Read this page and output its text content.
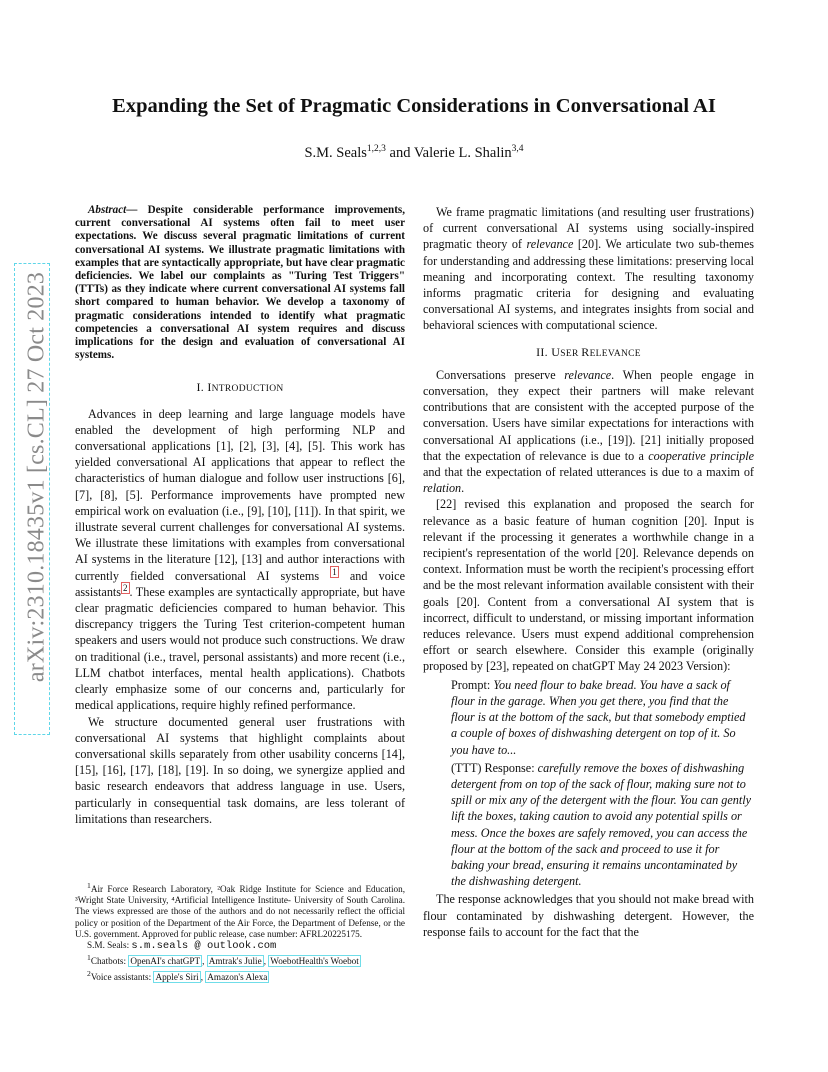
arXiv:2310.18435v1 [cs.CL] 27 Oct 2023
Expanding the Set of Pragmatic Considerations in Conversational AI
S.M. Seals$^{1,2,3}$ and Valerie L. Shalin$^{3,4}$

Abstract— Despite considerable performance improvements, current conversational AI systems often fail to meet user expectations. We discuss several pragmatic limitations of current conversational AI systems. We illustrate pragmatic limitations with examples that are syntactically appropriate, but have clear pragmatic deficiencies. We label our complaints as "Turing Test Triggers" (TTTs) as they indicate where current conversational AI systems fall short compared to human behavior. We develop a taxonomy of pragmatic considerations intended to identify what pragmatic competencies a conversational AI system requires and discuss implications for the design and evaluation of conversational AI systems.

I. INTRODUCTION

Advances in deep learning and large language models have enabled the development of high performing NLP and conversational applications [1], [2], [3], [4], [5]. This work has yielded conversational AI applications that appear to reflect the characteristics of human dialogue and follow user instructions [6], [7], [8], [5]. Performance improvements have prompted new empirical work on evaluation (i.e., [9], [10], [11]). In that spirit, we illustrate several current challenges for conversational AI systems. We illustrate these limitations with examples from conversational AI systems in the literature [12], [13] and author interactions with currently fielded conversational AI systems $^1$ and voice assistants $^2$ . These examples are syntactically appropriate, but have clear pragmatic deficiencies compared to human behavior. This discrepancy triggers the Turing Test criterion-competent human speakers and users would not produce such constructions. We draw on traditional (i.e., travel, personal assistants) and more recent (i.e., LLM chatbot interfaces, mental health applications). Chatbots clearly emphasize some of our concerns and, particularly for medical applications, require highly refined performance.

We structure documented general user frustrations with conversational AI systems that highlight complaints about conversational skills separately from other usability concerns [14], [15], [16], [17], [18], [19]. In so doing, we synergize applied and basic research endeavors that address language in use. Users, particularly in consequential task domains, are less tolerant of limitations than researchers.

$^1$Air Force Research Laboratory, ²Oak Ridge Institute for Science and Education, ³Wright State University, ⁴Artificial Intelligence Institute- University of South Carolina. The views expressed are those of the authors and do not necessarily reflect the official policy or position of the Department of the Air Force, the Department of Defense, or the U.S. government. Approved for public release, case number: AFRL20225175.

S.M. Seals: s.m.seals @ outlook.com

$^1$Chatbots: OpenAI's chatGPT , Amtrak's Julie , WoebotHealth's Woebot

$^2$Voice assistants: Apple's Siri , Amazon's Alexa

We frame pragmatic limitations (and resulting user frustrations) of current conversational AI systems using socially-inspired pragmatic theory of relevance [20]. We articulate two sub-themes for understanding and addressing these limitations: preserving local meaning and incorporating context. The resulting taxonomy informs pragmatic criteria for designing and evaluating conversational AI systems, and integrates insights from social and behavioral sciences with computational science.

II. USER RELEVANCE

Conversations preserve relevance. When people engage in conversation, they expect their partners will make relevant contributions that are consistent with the accepted purpose of the conversation. Users have similar expectations for interactions with conversational AI applications (i.e., [19]). [21] initially proposed that the expectation of relevance is due to a cooperative principle and that the expectation of related utterances is due to a maxim of relation.

[22] revised this explanation and proposed the search for relevance as a basic feature of human cognition [20]. Input is relevant if the processing it generates a worthwhile change in a recipient's representation of the world [20]. Relevance depends on context. Information must be worth the recipient's processing effort and be the most relevant information available consistent with their goals [20]. Content from a conversational AI system that is incorrect, difficult to understand, or missing important information reduces relevance. Users must expend additional comprehension effort or search elsewhere. Consider this example (originally proposed by [23], repeated on chatGPT May 24 2023 Version):

Prompt: You need flour to bake bread. You have a sack of flour in the garage. When you get there, you find that the flour is at the bottom of the sack, but that somebody emptied a couple of boxes of dishwashing detergent on top of it. So you have to...
(TTT) Response: carefully remove the boxes of dishwashing detergent from on top of the sack of flour, making sure not to spill or mix any of the detergent with the flour. You can gently lift the boxes, taking caution to avoid any potential spills or mess. Once the boxes are safely removed, you can access the flour at the bottom of the sack and proceed to use it for baking your bread, ensuring it remains uncontaminated by the dishwashing detergent.

The response acknowledges that you should not make bread with flour contaminated by dishwashing detergent. However, the response fails to account for the fact that the
